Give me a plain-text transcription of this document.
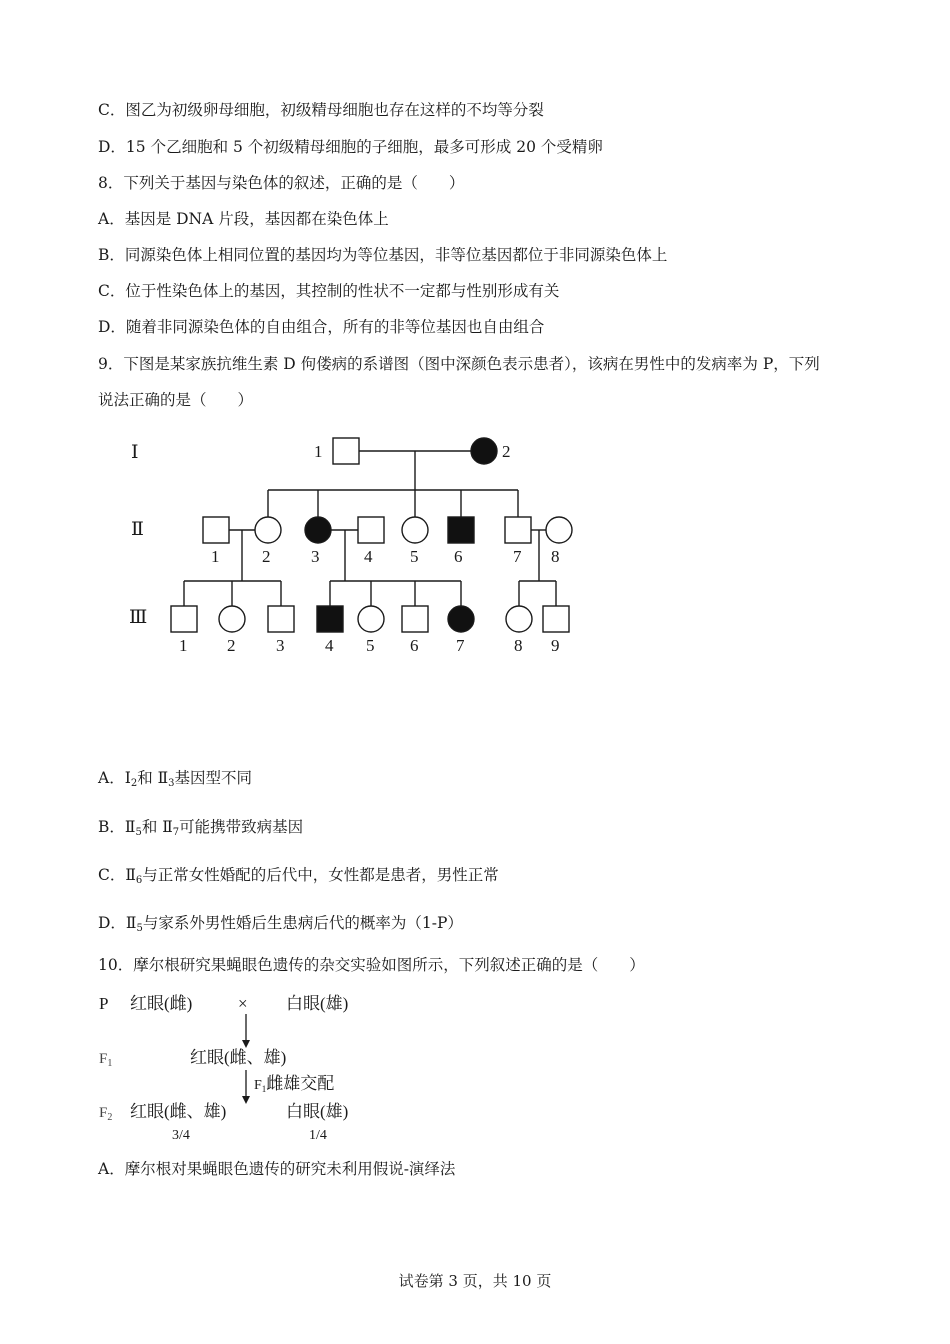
C．图乙为初级卵母细胞，初级精母细胞也存在这样的不均等分裂
D．15 个乙细胞和 5 个初级精母细胞的子细胞，最多可形成 20 个受精卵
8．下列关于基因与染色体的叙述，正确的是（　　）
A．基因是 DNA 片段，基因都在染色体上
B．同源染色体上相同位置的基因均为等位基因，非等位基因都位于非同源染色体上
C．位于性染色体上的基因，其控制的性状不一定都与性别形成有关
D．随着非同源染色体的自由组合，所有的非等位基因也自由组合
9．下图是某家族抗维生素 D 佝偻病的系谱图（图中深颜色表示患者），该病在男性中的发病率为 P，下列
说法正确的是（　　）
Ⅰ
Ⅱ
Ⅲ
1	2
1	2 3	4 5 6	7 8
1 2 3 4 5 6 7	8 9
A．$Ⅰ_2$和 $Ⅱ_3$基因型不同
B．$Ⅱ_5$和 $Ⅱ_7$可能携带致病基因
C．$Ⅱ_6$与正常女性婚配的后代中，女性都是患者，男性正常
D．$Ⅱ_5$与家系外男性婚后生患病后代的概率为（1-P）
10．摩尔根研究果蝇眼色遗传的杂交实验如图所示，下列叙述正确的是（　　）
P 红眼(雌)	× 白眼(雄)
$F_1$	红眼(雌、雄)
F1雌雄交配
$F_2$ 红眼(雌、雄)	白眼(雄)
3/4	1/4
A．摩尔根对果蝇眼色遗传的研究未利用假说-演绎法
试卷第 3 页，共 10 页
